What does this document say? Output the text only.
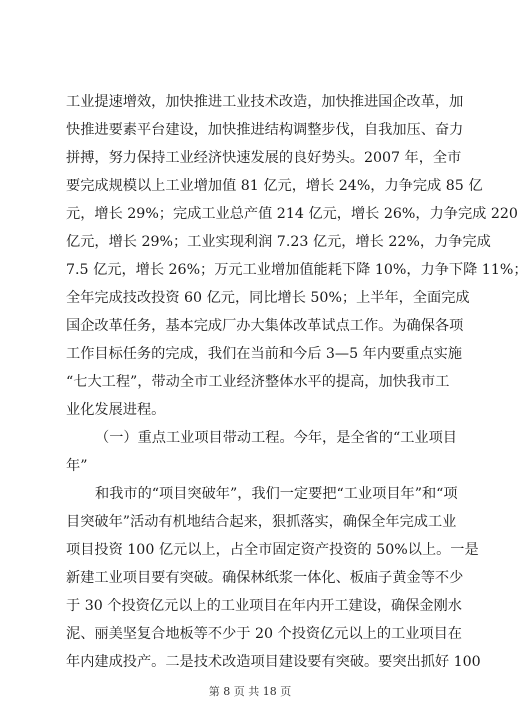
工业提速增效，加快推进工业技术改造，加快推进国企改革，加
快推进要素平台建设，加快推进结构调整步伐，自我加压、奋力
拼搏，努力保持工业经济快速发展的良好势头。2007 年，全市
要完成规模以上工业增加值 81 亿元，增长 24%，力争完成 85 亿
元，增长 29%；完成工业总产值 214 亿元，增长 26%，力争完成 220
亿元，增长 29%；工业实现利润 7.23 亿元，增长 22%，力争完成
7.5 亿元，增长 26%；万元工业增加值能耗下降 10%，力争下降 11%；
全年完成技改投资 60 亿元，同比增长 50%；上半年，全面完成
国企改革任务，基本完成厂办大集体改革试点工作。为确保各项
工作目标任务的完成，我们在当前和今后 3—5 年内要重点实施
“七大工程”，带动全市工业经济整体水平的提高，加快我市工
业化发展进程。
（一）重点工业项目带动工程。今年，是全省的“工业项目
年”
和我市的“项目突破年”，我们一定要把“工业项目年”和“项
目突破年”活动有机地结合起来，狠抓落实，确保全年完成工业
项目投资 100 亿元以上，占全市固定资产投资的 50%以上。一是
新建工业项目要有突破。确保林纸浆一体化、板庙子黄金等不少
于 30 个投资亿元以上的工业项目在年内开工建设，确保金刚水
泥、丽美坚复合地板等不少于 20 个投资亿元以上的工业项目在
年内建成投产。二是技术改造项目建设要有突破。要突出抓好 100
第 8 页 共 18 页
